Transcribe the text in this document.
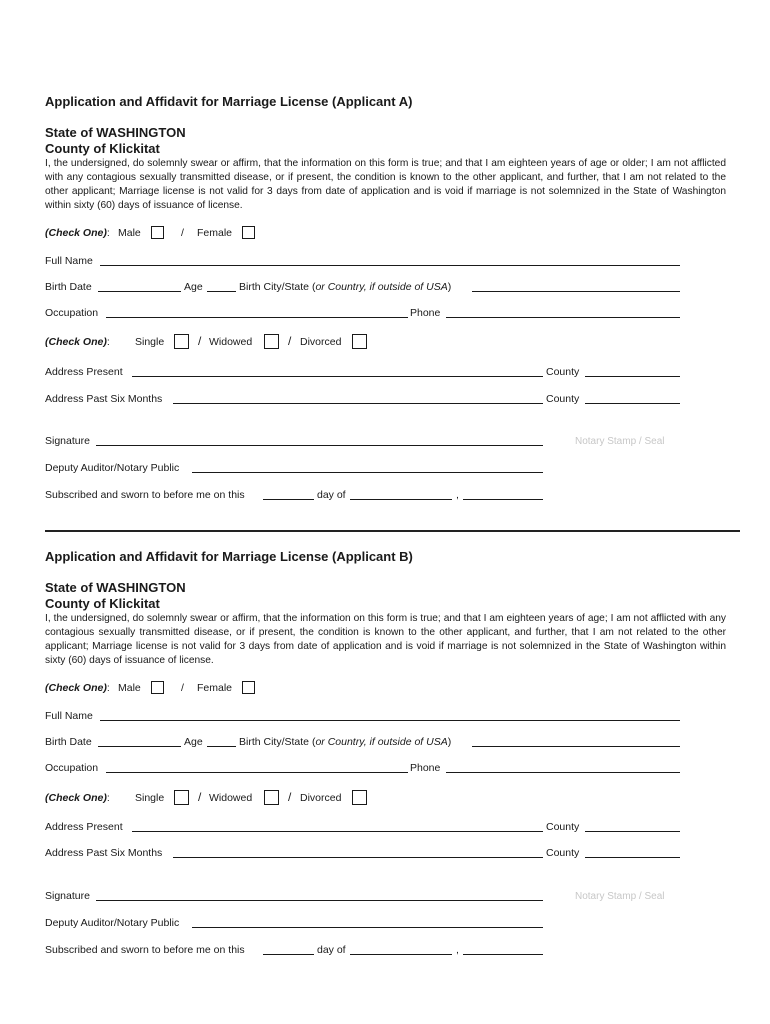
Application and Affidavit for Marriage License (Applicant A)
State of WASHINGTON
County of Klickitat
I, the undersigned, do solemnly swear or affirm, that the information on this form is true; and that I am eighteen years of age or older; I am not afflicted with any contagious sexually transmitted disease, or if present, the condition is known to the other applicant, and further, that I am not related to the other applicant; Marriage license is not valid for 3 days from date of application and is void if marriage is not solemnized in the State of Washington within sixty (60) days of issuance of license.
(Check One): Male	/ Female
Full Name
Birth Date	Age	Birth City/State (or Country, if outside of USA)
Occupation	Phone
(Check One): Single	/ Widowed	/ Divorced
Address Present	County
Address Past Six Months	County
Signature	Notary Stamp / Seal
Deputy Auditor/Notary Public
Subscribed and sworn to before me on this	day of	,
Application and Affidavit for Marriage License (Applicant B)
State of WASHINGTON
County of Klickitat
I, the undersigned, do solemnly swear or affirm, that the information on this form is true; and that I am eighteen years of age; I am not afflicted with any contagious sexually transmitted disease, or if present, the condition is known to the other applicant, and further, that I am not related to the other applicant; Marriage license is not valid for 3 days from date of application and is void if marriage is not solemnized in the State of Washington within sixty (60) days of issuance of license.
(Check One): Male	/ Female
Full Name
Birth Date	Age	Birth City/State (or Country, if outside of USA)
Occupation	Phone
(Check One): Single	/ Widowed	/ Divorced
Address Present	County
Address Past Six Months	County
Signature	Notary Stamp / Seal
Deputy Auditor/Notary Public
Subscribed and sworn to before me on this	day of	,
